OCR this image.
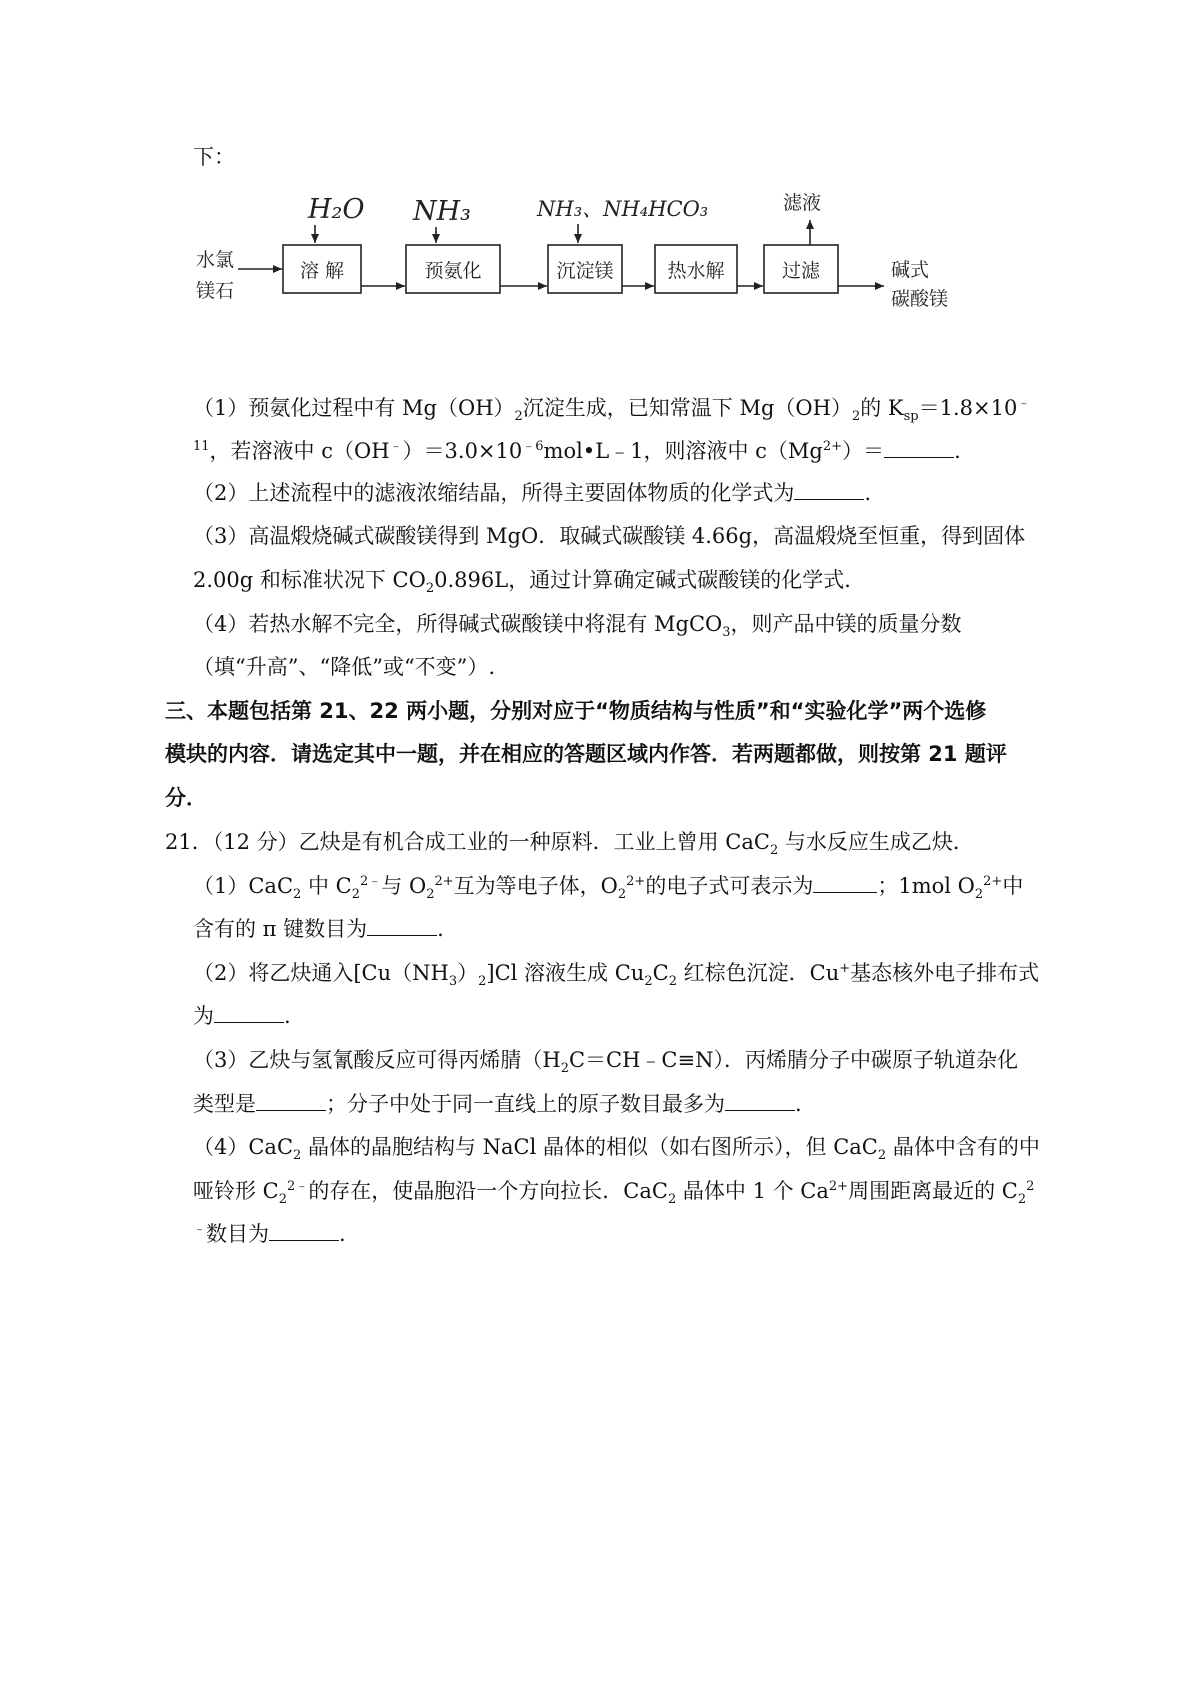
下：
水氯
镁石
溶 解	预氨化	沉淀镁	热水解	过滤	碱式
碳酸镁
H₂O NH₃	NH₃、NH₄HCO₃	滤液
（1）预氨化过程中有 $Mg(OH)_2$沉淀生成，已知常温下 $Mg(OH)_2$的 $K_{sp}=1.8\times 10^﹣$
$^{11}$，若溶液中 $c(OH^﹣)=3.0\times 10^{﹣6}mol•L﹣1$，则溶液中 $c(Mg^{2+})=$	.
（2）上述流程中的滤液浓缩结晶，所得主要固体物质的化学式为	.
（3）高温煅烧碱式碳酸镁得到 MgO．取碱式碳酸镁 4.66g，高温煅烧至恒重，得到固体
2.00g 和标准状况下 $CO_20.896L$，通过计算确定碱式碳酸镁的化学式．
（4）若热水解不完全，所得碱式碳酸镁中将混有 MgCO$_3$，则产品中镁的质量分数
（填“升高”、“降低”或“不变”）.
三、本题包括第 21、22 两小题，分别对应于“物质结构与性质”和“实验化学”两个选修
模块的内容．请选定其中一题，并在相应的答题区域内作答．若两题都做，则按第 21 题评
分．
21．（12 分）乙炔是有机合成工业的一种原料．工业上曾用 CaC$_2$ 与水反应生成乙炔．
（1）CaC$_2$ 中 $C_2^{2﹣}$与 $O_2^{2+}$互为等电子体，$O_2^{2+}$的电子式可表示为	；1mol $O_2^{2+}$中
含有的 π 键数目为	.
（2）将乙炔通入$[Cu(NH_3)_2]Cl$ 溶液生成 $Cu_2C_2$ 红棕色沉淀．Cu+基态核外电子排布式
为	.
（3）乙炔与氢氰酸反应可得丙烯腈$(H_2C=CH﹣C\equiv N)$．丙烯腈分子中碳原子轨道杂化
类型是	；分子中处于同一直线上的原子数目最多为	.
（4）CaC$_2$ 晶体的晶胞结构与 NaCl 晶体的相似（如右图所示），但 CaC$_2$ 晶体中含有的中
哑铃形 $C_2^{2﹣}$的存在，使晶胞沿一个方向拉长．CaC$_2$ 晶体中 1 个 $Ca^{2+}$周围距离最近的 $C_2^2$
﹣数目为	.
